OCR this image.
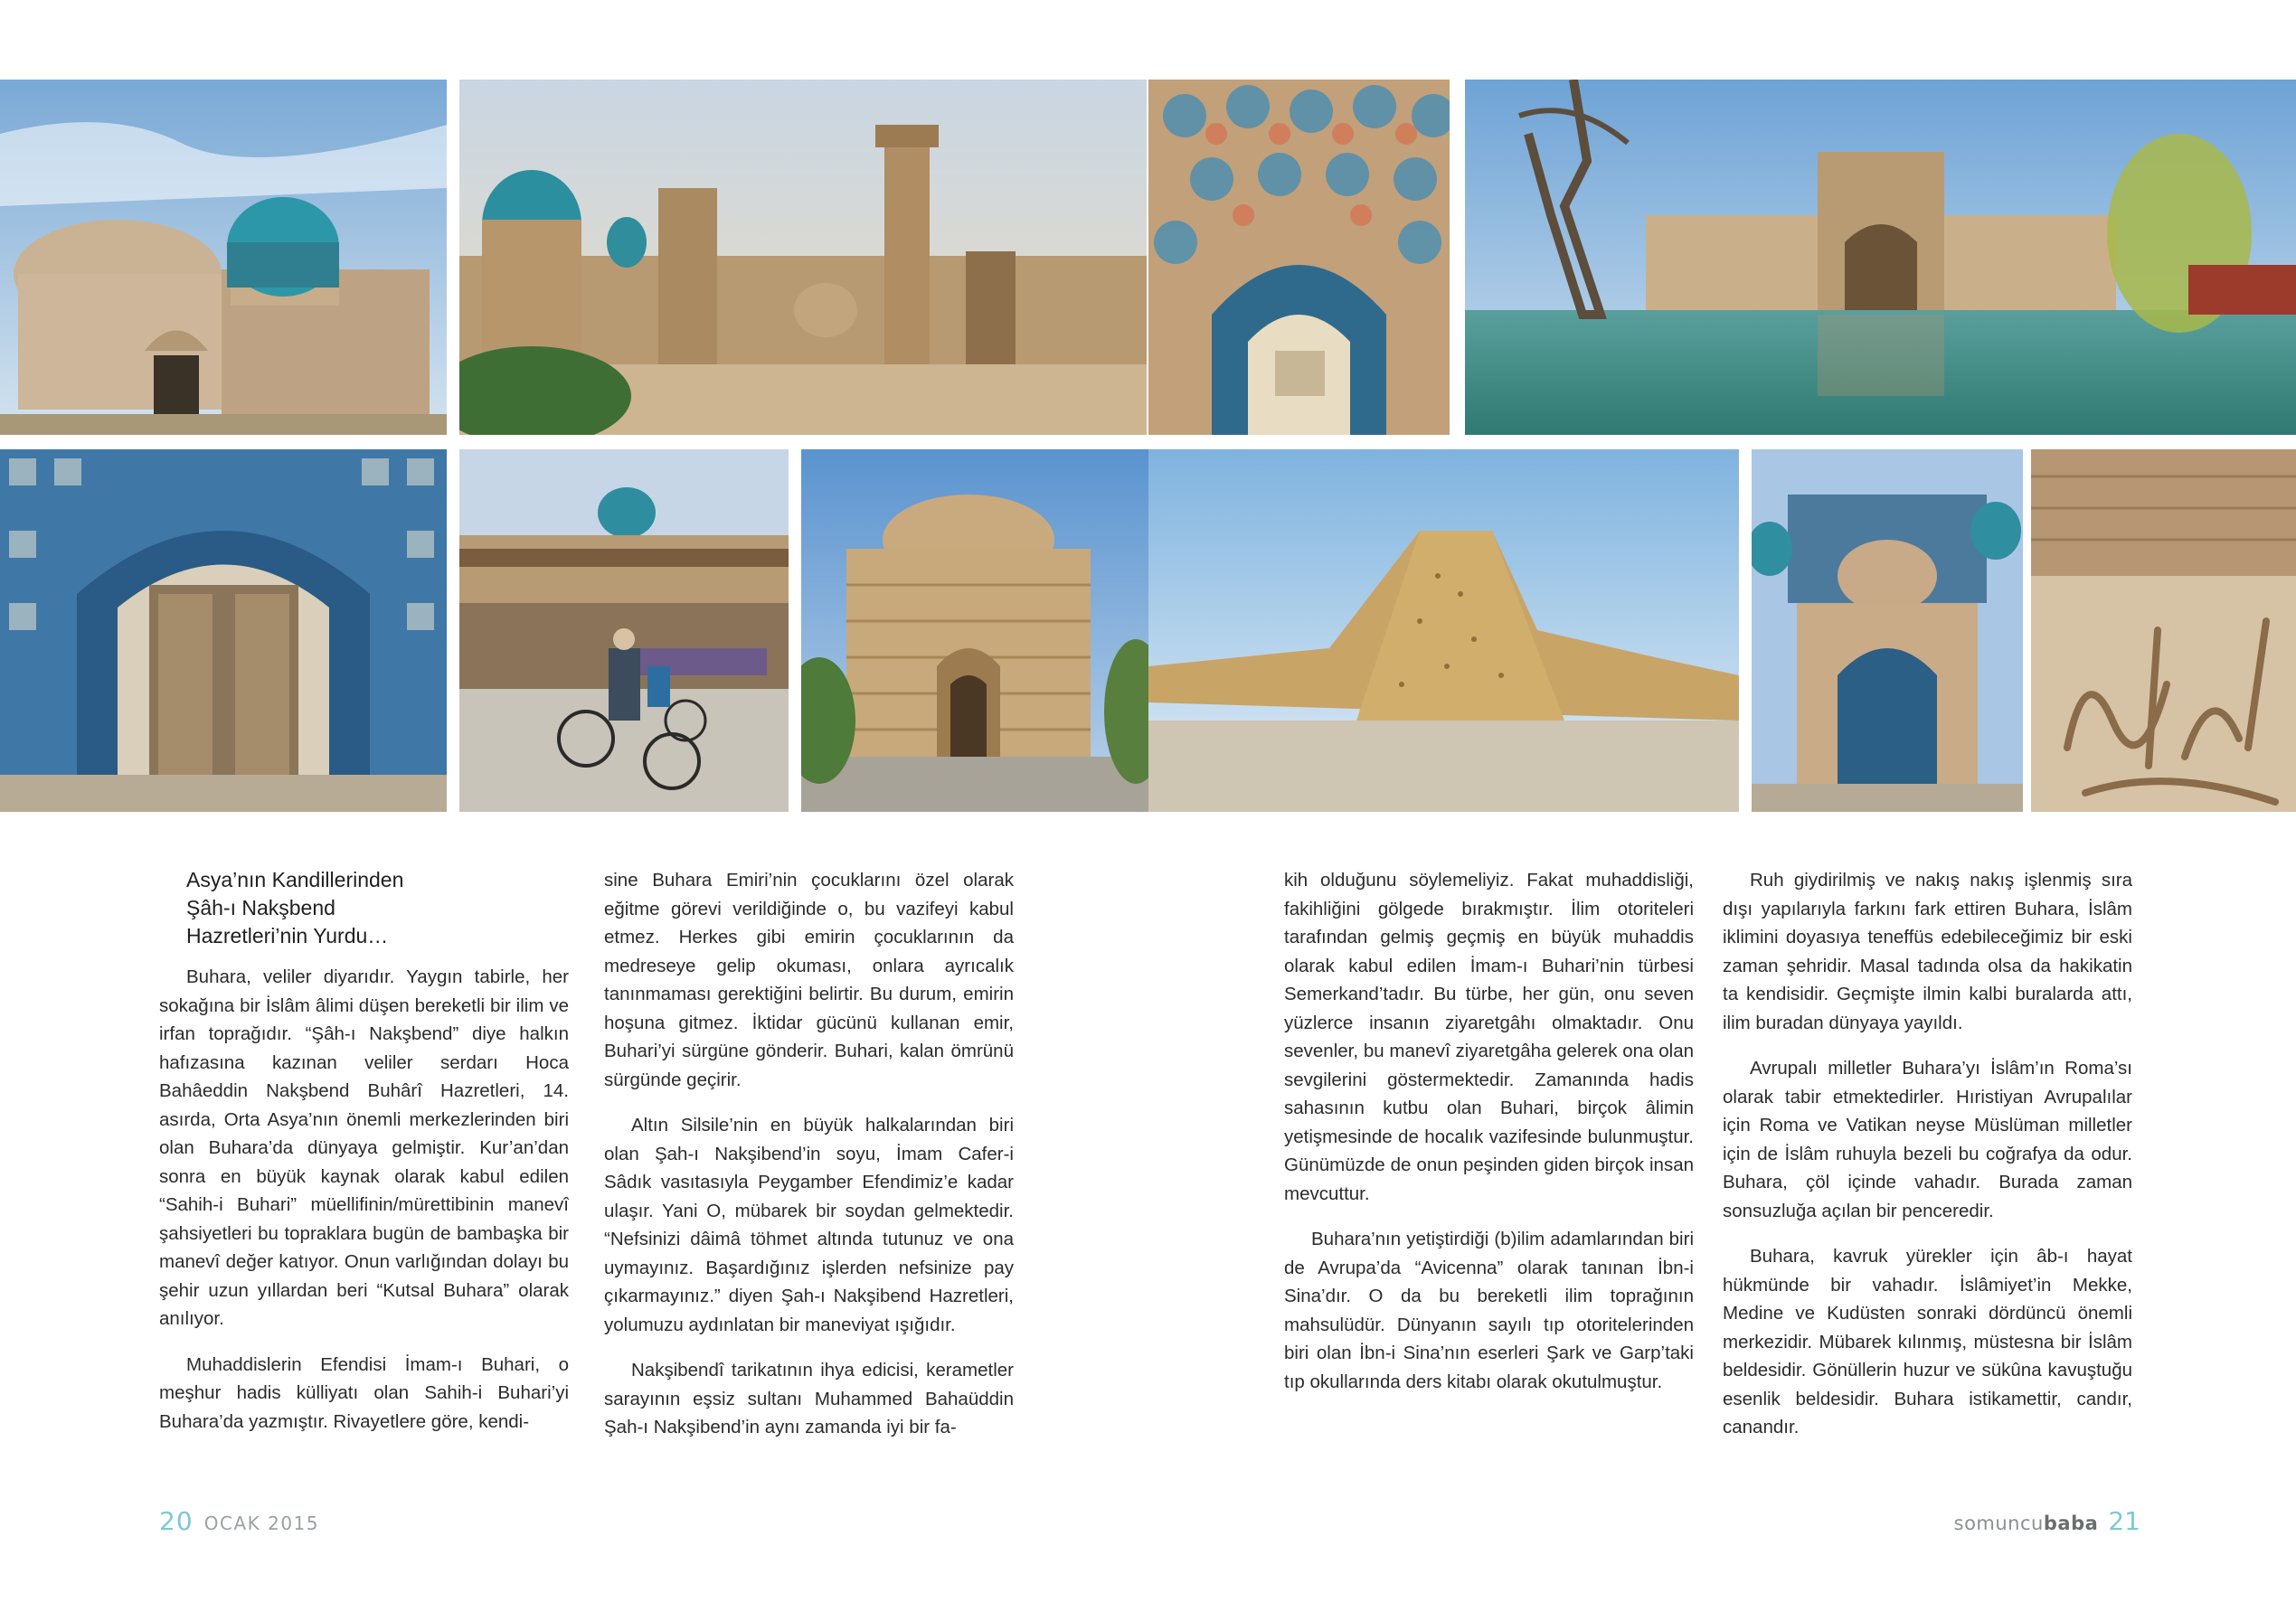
Asya’nın Kandillerinden
Şâh-ı Nakşbend
Hazretleri’nin Yurdu…

Buhara, veliler diyarıdır. Yaygın tabirle, her sokağına bir İslâm âlimi düşen bereketli bir ilim ve irfan toprağıdır. “Şâh-ı Nakşbend” diye halkın hafızasına kazınan veliler serdarı Hoca Bahâeddin Nakşbend Buhârî Hazretleri, 14. asırda, Orta Asya’nın önemli merkezlerinden biri olan Buhara’da dünyaya gelmiştir. Kur’an’dan sonra en büyük kaynak olarak kabul edilen “Sahih-i Buhari” müellifinin/mürettibinin manevî şahsiyetleri bu topraklara bugün de bambaşka bir manevî değer katıyor. Onun varlığından dolayı bu şehir uzun yıllardan beri “Kutsal Buhara” olarak anılıyor.

Muhaddislerin Efendisi İmam-ı Buhari, o meşhur hadis külliyatı olan Sahih-i Buhari’yi Buhara’da yazmıştır. Rivayetlere göre, kendi-

sine Buhara Emiri’nin çocuklarını özel olarak eğitme görevi verildiğinde o, bu vazifeyi kabul etmez. Herkes gibi emirin çocuklarının da medreseye gelip okuması, onlara ayrıcalık tanınmaması gerektiğini belirtir. Bu durum, emirin hoşuna gitmez. İktidar gücünü kullanan emir, Buhari’yi sürgüne gönderir. Buhari, kalan ömrünü sürgünde geçirir.

Altın Silsile’nin en büyük halkalarından biri olan Şah-ı Nakşibend’in soyu, İmam Cafer-i Sâdık vasıtasıyla Peygamber Efendimiz’e kadar ulaşır. Yani O, mübarek bir soydan gelmektedir. “Nefsinizi dâimâ töhmet altında tutunuz ve ona uymayınız. Başardığınız işlerden nefsinize pay çıkarmayınız.” diyen Şah-ı Nakşibend Hazretleri, yolumuzu aydınlatan bir maneviyat ışığıdır.

Nakşibendî tarikatının ihya edicisi, kerametler sarayının eşsiz sultanı Muhammed Bahaüddin Şah-ı Nakşibend’in aynı zamanda iyi bir fa-

kih olduğunu söylemeliyiz. Fakat muhaddisliği, fakihliğini gölgede bırakmıştır. İlim otoriteleri tarafından gelmiş geçmiş en büyük muhaddis olarak kabul edilen İmam-ı Buhari’nin türbesi Semerkand’tadır. Bu türbe, her gün, onu seven yüzlerce insanın ziyaretgâhı olmaktadır. Onu sevenler, bu manevî ziyaretgâha gelerek ona olan sevgilerini göstermektedir. Zamanında hadis sahasının kutbu olan Buhari, birçok âlimin yetişmesinde de hocalık vazifesinde bulunmuştur. Günümüzde de onun peşinden giden birçok insan mevcuttur.

Buhara’nın yetiştirdiği (b)ilim adamlarından biri de Avrupa’da “Avicenna” olarak tanınan İbn-i Sina’dır. O da bu bereketli ilim toprağının mahsulüdür. Dünyanın sayılı tıp otoritelerinden biri olan İbn-i Sina’nın eserleri Şark ve Garp’taki tıp okullarında ders kitabı olarak okutulmuştur.

Ruh giydirilmiş ve nakış nakış işlenmiş sıra dışı yapılarıyla farkını fark ettiren Buhara, İslâm iklimini doyasıya teneffüs edebileceğimiz bir eski zaman şehridir. Masal tadında olsa da hakikatin ta kendisidir. Geçmişte ilmin kalbi buralarda attı, ilim buradan dünyaya yayıldı.

Avrupalı milletler Buhara’yı İslâm’ın Roma’sı olarak tabir etmektedirler. Hıristiyan Avrupalılar için Roma ve Vatikan neyse Müslüman milletler için de İslâm ruhuyla bezeli bu coğrafya da odur. Buhara, çöl içinde vahadır. Burada zaman sonsuzluğa açılan bir penceredir.

Buhara, kavruk yürekler için âb-ı hayat hükmünde bir vahadır. İslâmiyet’in Mekke, Medine ve Kudüsten sonraki dördüncü önemli merkezidir. Mübarek kılınmış, müstesna bir İslâm beldesidir. Gönüllerin huzur ve sükûna kavuştuğu esenlik beldesidir. Buhara istikamettir, candır, canandır.

20 OCAK 2015	somuncubaba 21
